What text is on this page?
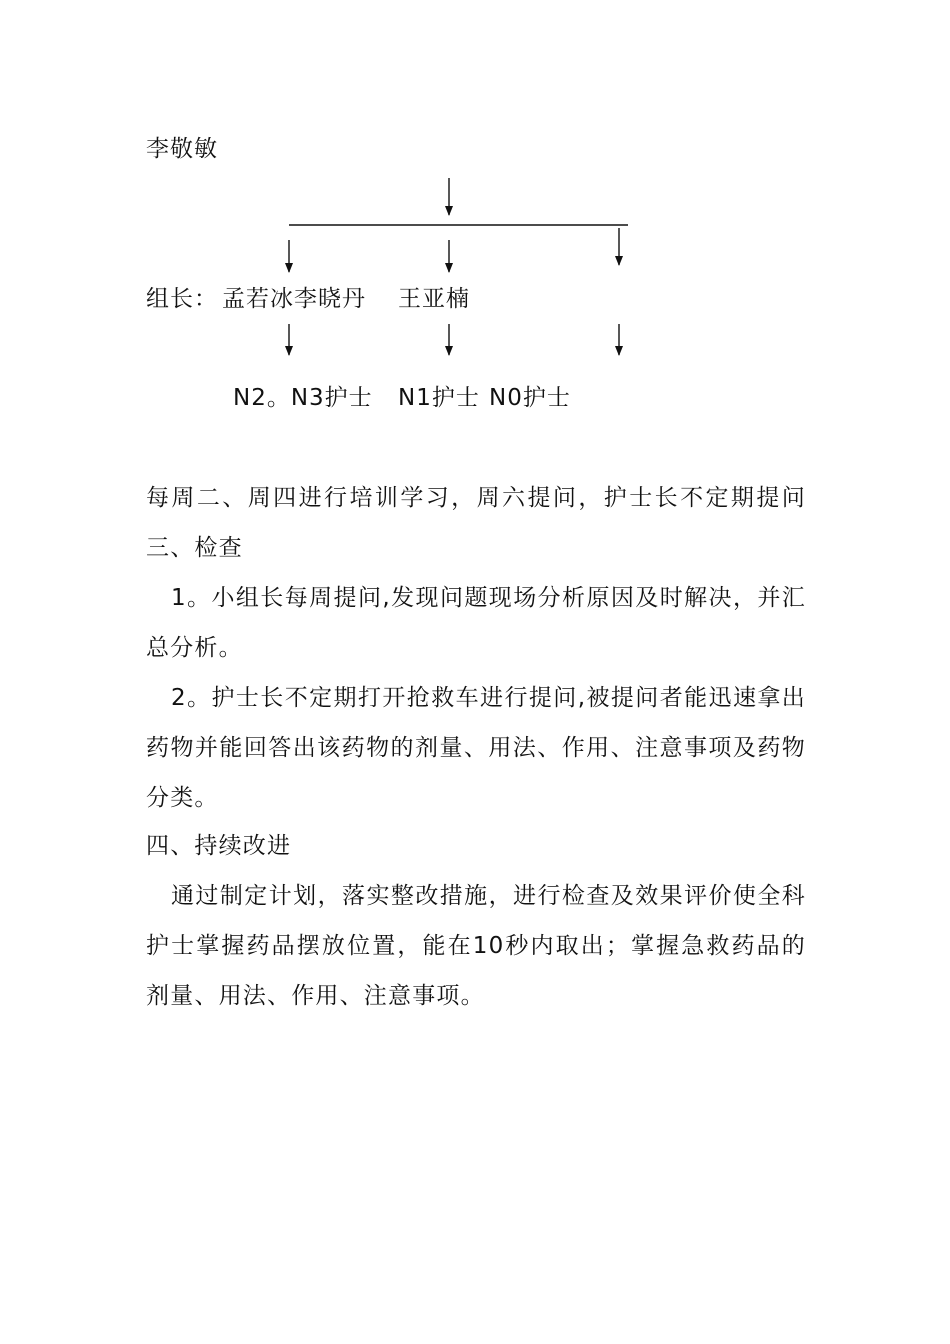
李敬敏
组长： 孟若冰李晓丹 王亚楠
N2。N3护士 N1护士 N0护士
每周二、周四进行培训学习，周六提问，护士长不定期提问三、检查
1。小组长每周提问,发现问题现场分析原因及时解决，并汇总分析。
2。护士长不定期打开抢救车进行提问,被提问者能迅速拿出药物并能回答出该药物的剂量、用法、作用、注意事项及药物分类。
四、持续改进
通过制定计划，落实整改措施，进行检查及效果评价使全科护士掌握药品摆放位置，能在10秒内取出；掌握急救药品的剂量、用法、作用、注意事项。
